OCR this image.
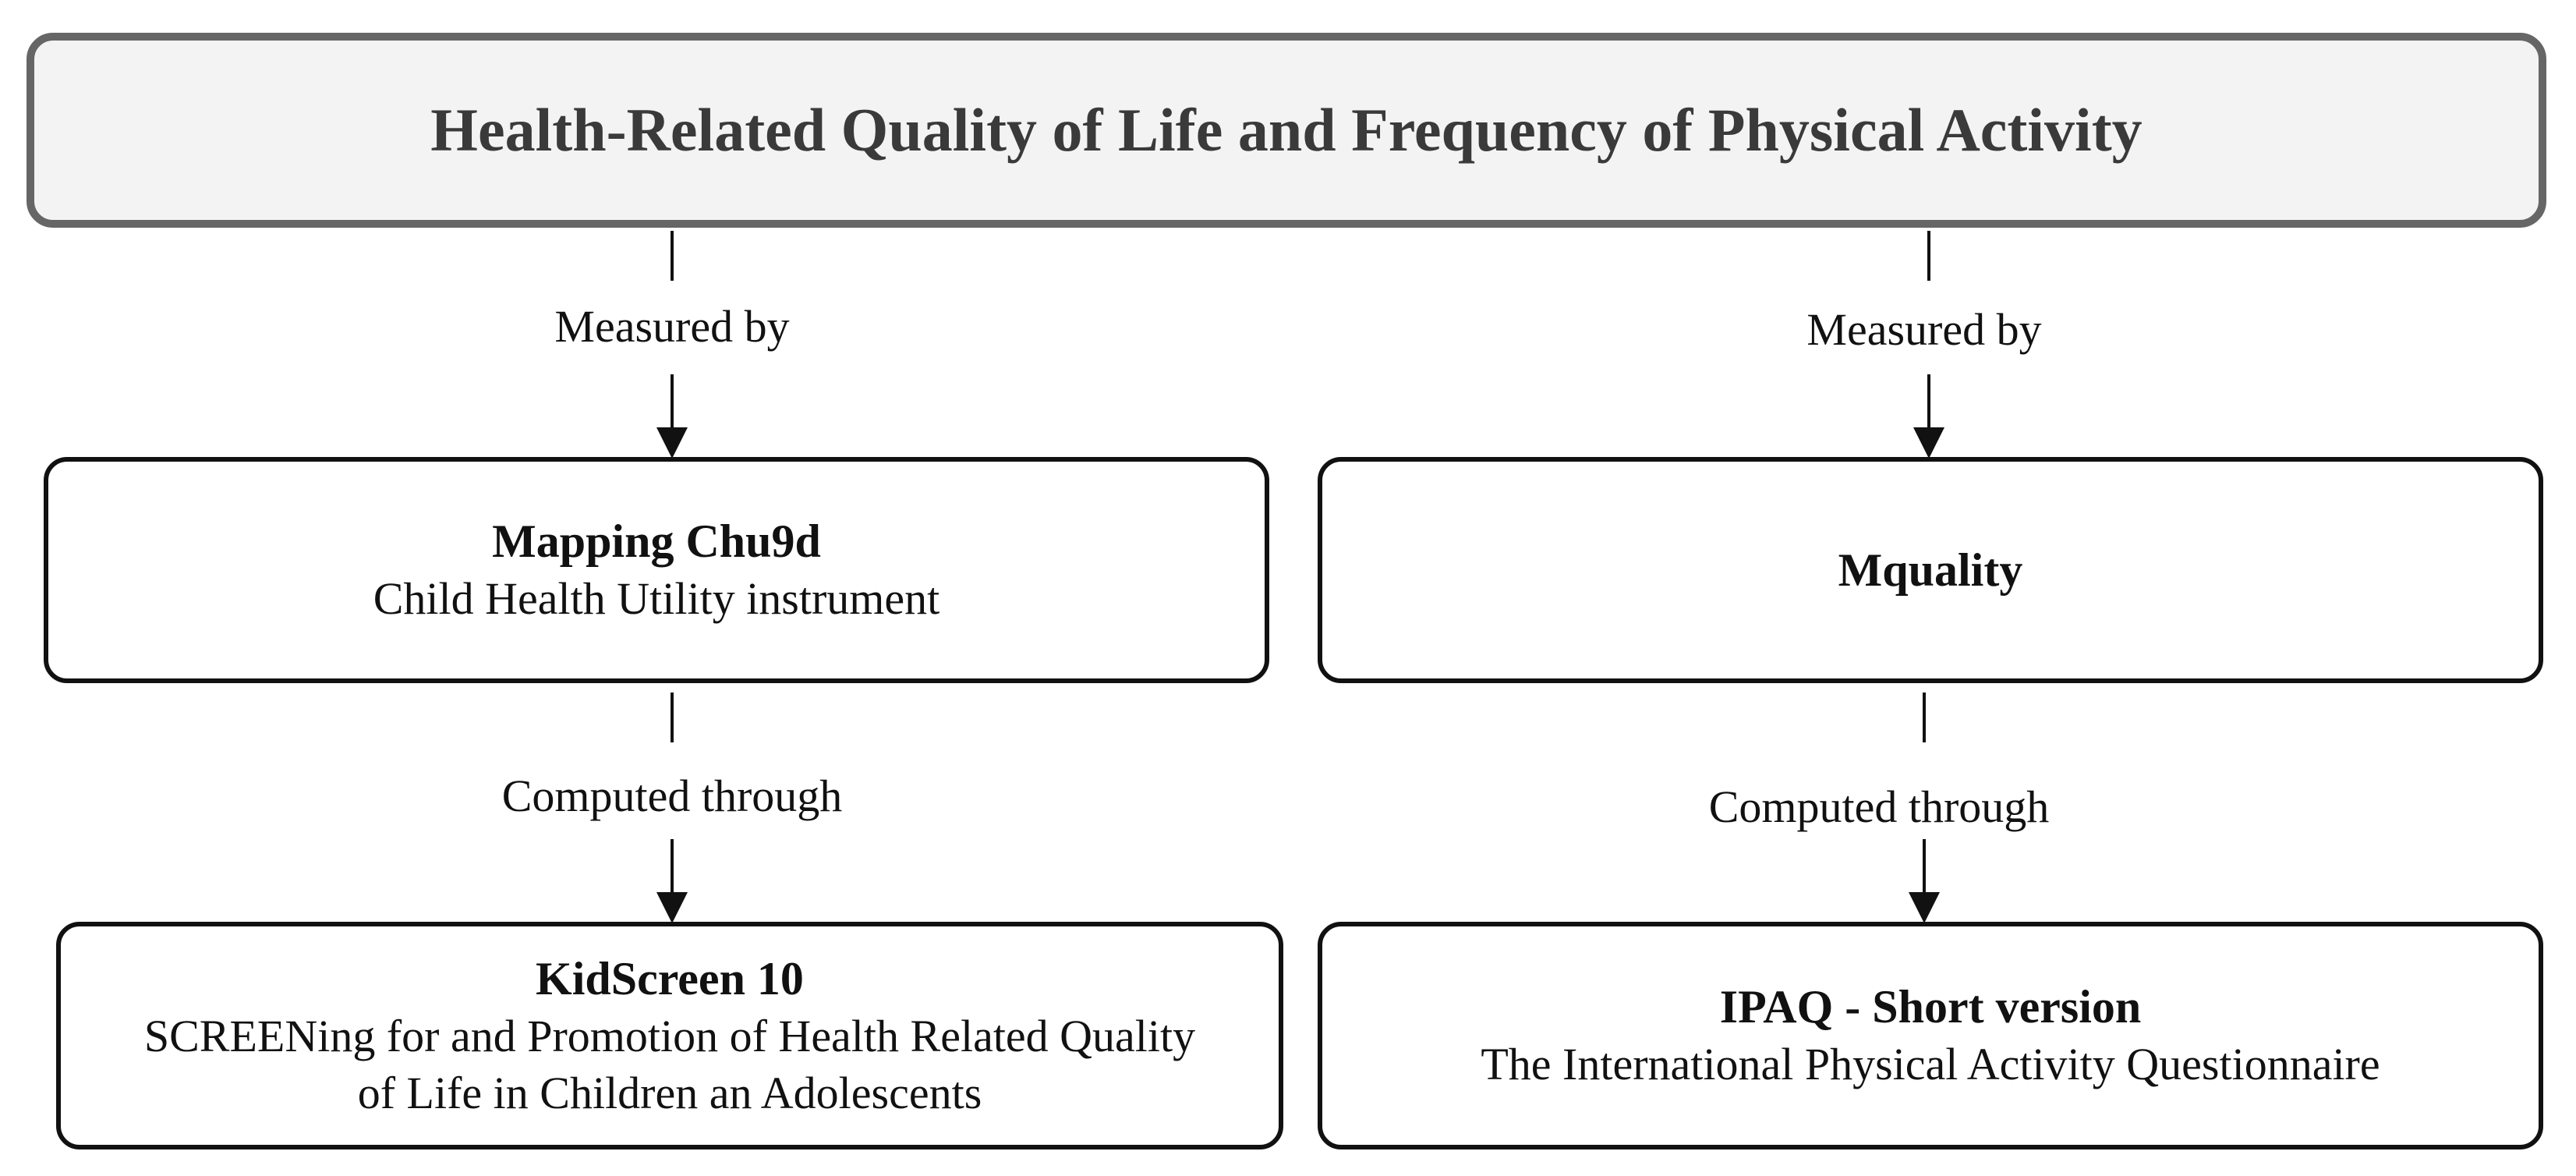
Health-Related Quality of Life and Frequency of Physical Activity
Measured by	Measured by
Mapping Chu9d
Child Health Utility instrument
Mquality
Computed through	Computed through
KidScreen 10
SCREENing for and Promotion of Health Related Quality
of Life in Children an Adolescents
IPAQ - Short version
The International Physical Activity Questionnaire
